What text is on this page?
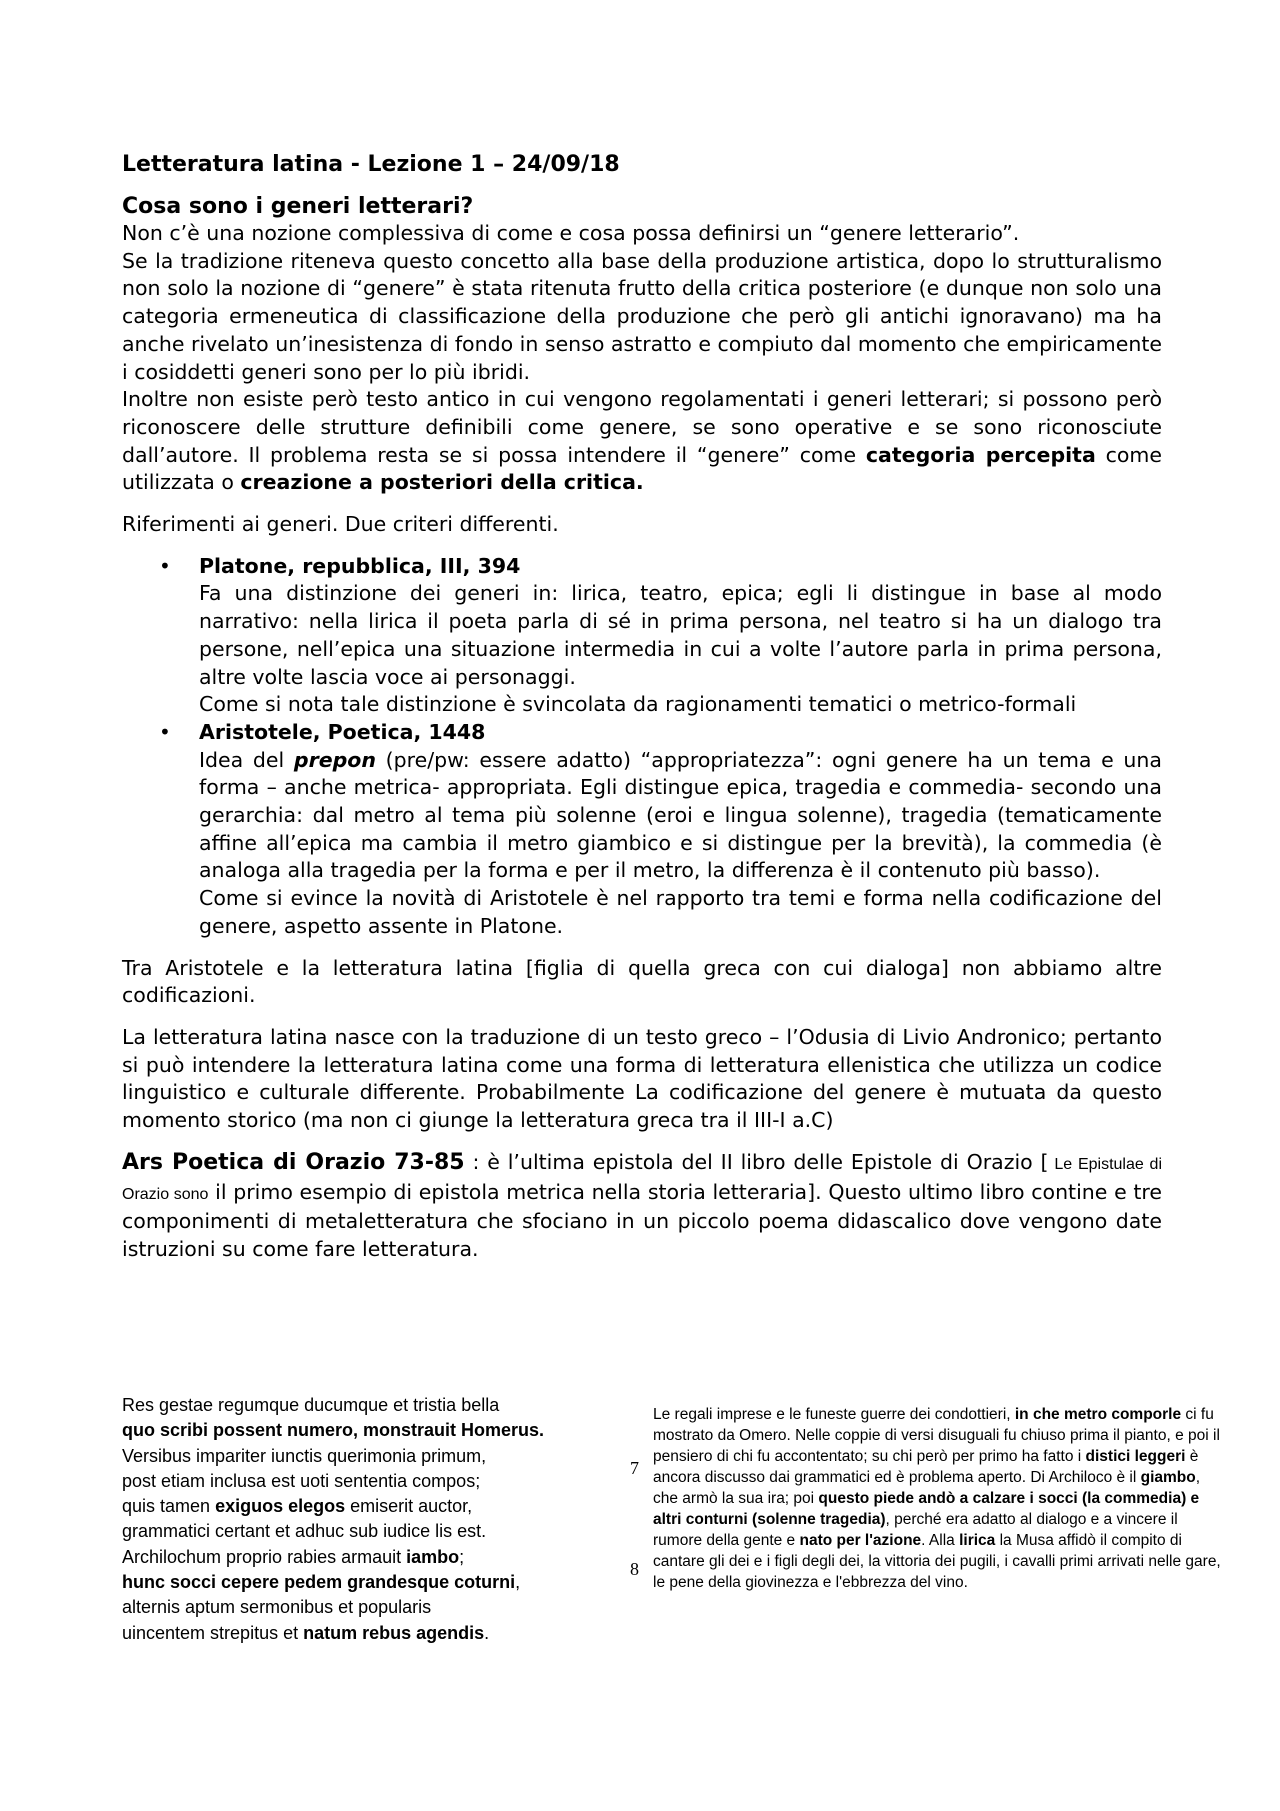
Letteratura latina - Lezione 1 – 24/09/18
Cosa sono i generi letterari?

Non c’è una nozione complessiva di come e cosa possa definirsi un “genere letterario”.

Se la tradizione riteneva questo concetto alla base della produzione artistica, dopo lo strutturalismo non solo la nozione di “genere” è stata ritenuta frutto della critica posteriore (e dunque non solo una categoria ermeneutica di classificazione della produzione che però gli antichi ignoravano) ma ha anche rivelato un’inesistenza di fondo in senso astratto e compiuto dal momento che empiricamente i cosiddetti generi sono per lo più ibridi.

Inoltre non esiste però testo antico in cui vengono regolamentati i generi letterari; si possono però riconoscere delle strutture definibili come genere, se sono operative e se sono riconosciute dall’autore. Il problema resta se si possa intendere il “genere” come categoria percepita come utilizzata o creazione a posteriori della critica.

Riferimenti ai generi. Due criteri differenti.

• Platone, repubblica, III, 394
Fa una distinzione dei generi in: lirica, teatro, epica; egli li distingue in base al modo narrativo: nella lirica il poeta parla di sé in prima persona, nel teatro si ha un dialogo tra persone, nell’epica una situazione intermedia in cui a volte l’autore parla in prima persona, altre volte lascia voce ai personaggi.
Come si nota tale distinzione è svincolata da ragionamenti tematici o metrico-formali
• Aristotele, Poetica, 1448
Idea del prepon (pre/pw: essere adatto) “appropriatezza”: ogni genere ha un tema e una forma – anche metrica- appropriata. Egli distingue epica, tragedia e commedia- secondo una gerarchia: dal metro al tema più solenne (eroi e lingua solenne), tragedia (tematicamente affine all’epica ma cambia il metro giambico e si distingue per la brevità), la commedia (è analoga alla tragedia per la forma e per il metro, la differenza è il contenuto più basso).
Come si evince la novità di Aristotele è nel rapporto tra temi e forma nella codificazione del genere, aspetto assente in Platone.

Tra Aristotele e la letteratura latina [figlia di quella greca con cui dialoga] non abbiamo altre codificazioni.

La letteratura latina nasce con la traduzione di un testo greco – l’Odusia di Livio Andronico; pertanto si può intendere la letteratura latina come una forma di letteratura ellenistica che utilizza un codice linguistico e culturale differente. Probabilmente La codificazione del genere è mutuata da questo momento storico (ma non ci giunge la letteratura greca tra il III-I a.C)

Ars Poetica di Orazio 73-85 : è l’ultima epistola del II libro delle Epistole di Orazio [ Le Epistulae di Orazio sono il primo esempio di epistola metrica nella storia letteraria]. Questo ultimo libro contine e tre componimenti di metaletteratura che sfociano in un piccolo poema didascalico dove vengono date istruzioni su come fare letteratura.

Res gestae regumque ducumque et tristia bella
quo scribi possent numero, monstrauit Homerus.
Versibus impariter iunctis querimonia primum,
post etiam inclusa est uoti sententia compos;
quis tamen exiguos elegos emiserit auctor,
grammatici certant et adhuc sub iudice lis est.
Archilochum proprio rabies armauit iambo;
hunc socci cepere pedem grandesque coturni,
alternis aptum sermonibus et popularis
uincentem strepitus et natum rebus agendis.
7
8
Le regali imprese e le funeste guerre dei condottieri, in che metro comporle ci fu mostrato da Omero. Nelle coppie di versi disuguali fu chiuso prima il pianto, e poi il pensiero di chi fu accontentato; su chi però per primo ha fatto i distici leggeri è ancora discusso dai grammatici ed è problema aperto. Di Archiloco è il giambo, che armò la sua ira; poi questo piede andò a calzare i socci (la commedia) e altri conturni (solenne tragedia), perché era adatto al dialogo e a vincere il rumore della gente e nato per l'azione. Alla lirica la Musa affidò il compito di cantare gli dei e i figli degli dei, la vittoria dei pugili, i cavalli primi arrivati nelle gare, le pene della giovinezza e l'ebbrezza del vino.
